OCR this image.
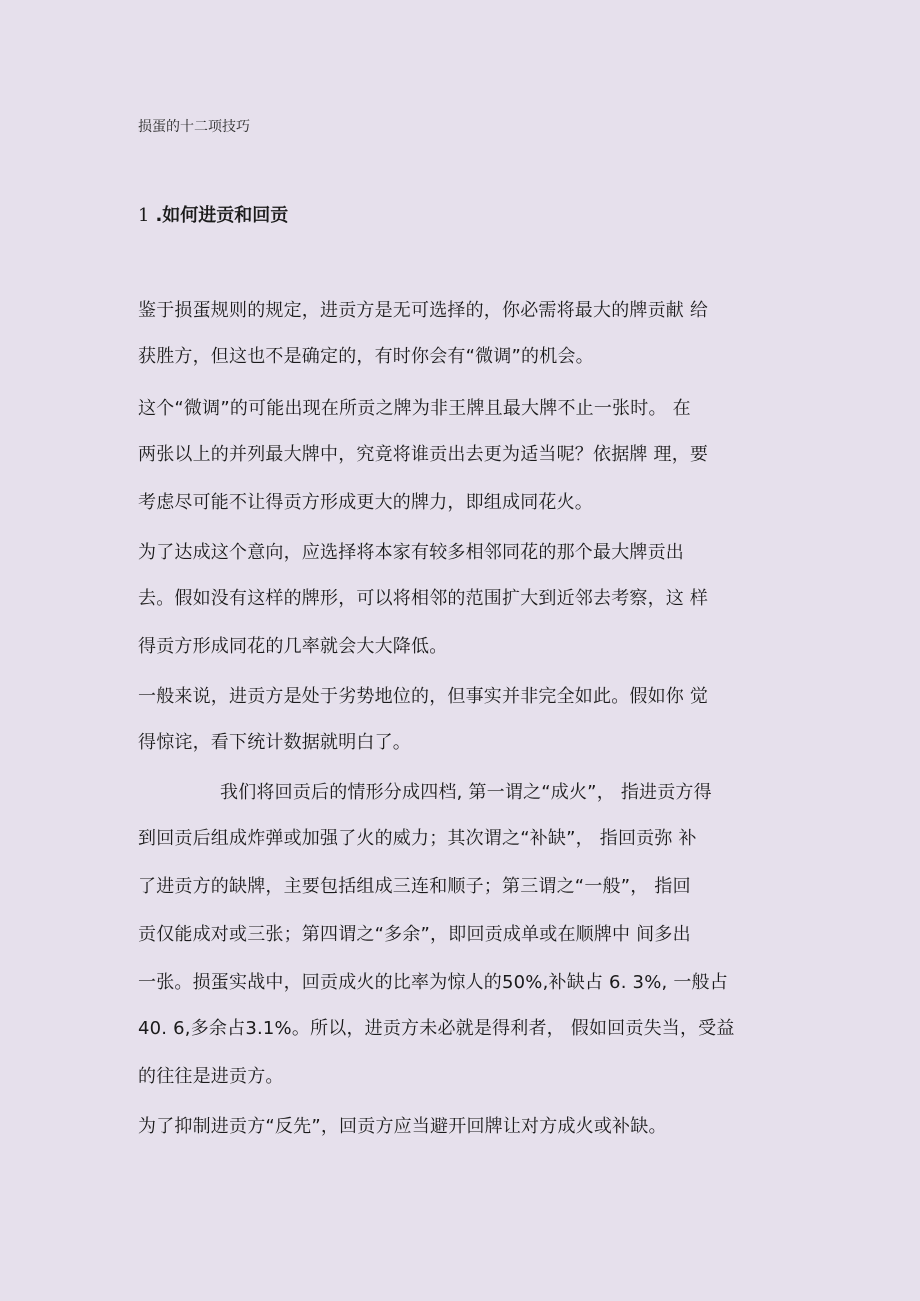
损蛋的十二项技巧
1 .如何进贡和回贡
鉴于损蛋规则的规定，进贡方是无可选择的，你必需将最大的牌贡献 给
获胜方，但这也不是确定的，有时你会有“微调”的机会。
这个“微调”的可能出现在所贡之牌为非王牌且最大牌不止一张时。 在
两张以上的并列最大牌中，究竟将谁贡出去更为适当呢？依据牌 理，要
考虑尽可能不让得贡方形成更大的牌力，即组成同花火。
为了达成这个意向，应选择将本家有较多相邻同花的那个最大牌贡出
去。假如没有这样的牌形，可以将相邻的范围扩大到近邻去考察，这 样
得贡方形成同花的几率就会大大降低。
一般来说，进贡方是处于劣势地位的，但事实并非完全如此。假如你 觉
得惊诧，看下统计数据就明白了。
我们将回贡后的情形分成四档, 第一谓之“成火”， 指进贡方得
到回贡后组成炸弹或加强了火的威力；其次谓之“补缺”， 指回贡弥 补
了进贡方的缺牌，主要包括组成三连和顺子；第三谓之“一般”， 指回
贡仅能成对或三张；第四谓之“多余”，即回贡成单或在顺牌中 间多出
一张。损蛋实战中，回贡成火的比率为惊人的50%,补缺占 6. 3%, 一般占
40. 6,多余占3.1%。所以，进贡方未必就是得利者， 假如回贡失当，受益
的往往是进贡方。
为了抑制进贡方“反先”，回贡方应当避开回牌让对方成火或补缺。
